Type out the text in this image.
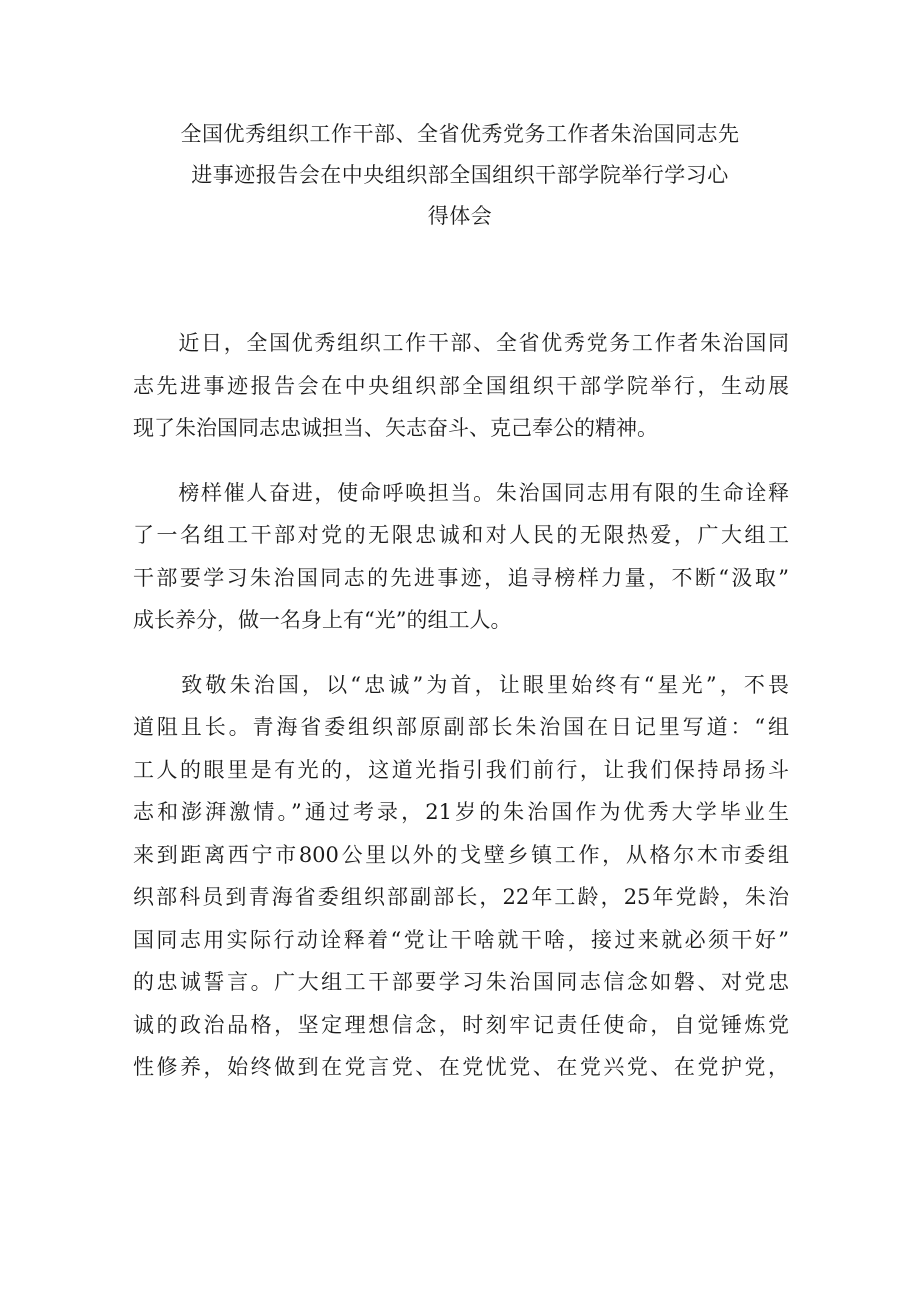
全国优秀组织工作干部、全省优秀党务工作者朱治国同志先
进事迹报告会在中央组织部全国组织干部学院举行学习心
得体会
　　近日，全国优秀组织工作干部、全省优秀党务工作者朱治国同
志先进事迹报告会在中央组织部全国组织干部学院举行，生动展
现了朱治国同志忠诚担当、矢志奋斗、克己奉公的精神。
　　榜样催人奋进，使命呼唤担当。朱治国同志用有限的生命诠释
了一名组工干部对党的无限忠诚和对人民的无限热爱，广大组工
干部要学习朱治国同志的先进事迹，追寻榜样力量，不断“汲取”
成长养分，做一名身上有“光”的组工人。
　　致敬朱治国，以“忠诚”为首，让眼里始终有“星光”，不畏
道阻且长。青海省委组织部原副部长朱治国在日记里写道：“组
工人的眼里是有光的，这道光指引我们前行，让我们保持昂扬斗
志和澎湃激情。”通过考录，21岁的朱治国作为优秀大学毕业生
来到距离西宁市800公里以外的戈壁乡镇工作，从格尔木市委组
织部科员到青海省委组织部副部长，22年工龄，25年党龄，朱治
国同志用实际行动诠释着“党让干啥就干啥，接过来就必须干好”
的忠诚誓言。广大组工干部要学习朱治国同志信念如磐、对党忠
诚的政治品格，坚定理想信念，时刻牢记责任使命，自觉锤炼党
性修养，始终做到在党言党、在党忧党、在党兴党、在党护党，
